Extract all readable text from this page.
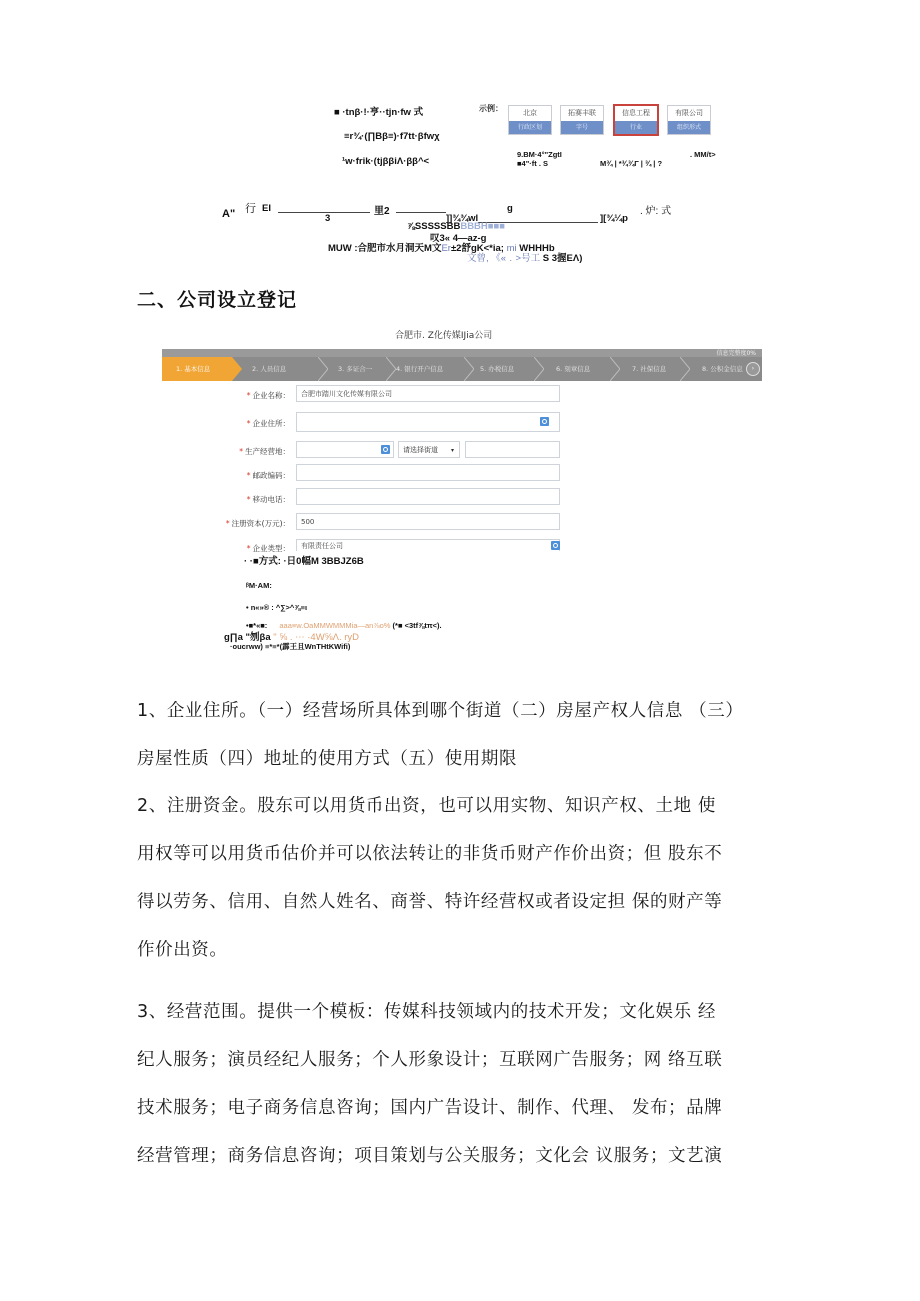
■ ·tnβ·!·亨··tjn·fw 式
≡r¾·(∏Bβ≡)·f7tt·βfwχ
¹w·frik·(tjββiΛ·ββ^<
示例：	北京
行政区划
拓赛丰联
字号
信息工程
行业
有限公司
组织形式
9.BM·4°"ZgtI
■4"·ft . S
. MM/t>
M¾ | *¾¾Γ | ¾ | ?
A" 行 EI
3
里2
]]¾¾wl
g
][¾¼p
. 炉: 式
⅞SSSSSBBBBBH■■■
叹3« 4—az-g
MUW :合肥市水月洞天M文Er±2舒gK<*ia; mi WHHHb
文曾, 《«﹒>号工 S 3握EΛ)
二、公司设立登记
合肥市. Z化传媒IJia公司
信息完整度0%
1. 基本信息	2. 人员信息	3. 多证合一	4. 银行开户信息	5. 办税信息	6. 刻章信息	7. 社保信息	8. 公积金信息	›
* 企业名称：	合肥市踏川文化传媒有限公司
* 企业住所：
* 生产经营地：	请选择街道 ▾
* 邮政编码：
* 移动电话：
* 注册资本(万元)：	500
* 企业类型：	有限责任公司
· ·■方式: ·日0幅M 3BBJZ6B
ᵝM·AM:
• n«»® : ^∑>^⅞≡ι
•■*«■: aaa≡w.OaMMWMMMia—an⅞o% (*■ <3tf⅞tπ<).
g∏a "刎βa " ⅝ . ⋯ ·4W⅝Λ. ryD
·oucrww) ≡*≡*(霹王且WnTHtKWifi)
1、企业住所。（一）经营场所具体到哪个街道（二）房屋产权人信息 （三）
房屋性质（四）地址的使用方式（五）使用期限
2、注册资金。股东可以用货币出资，也可以用实物、知识产权、土地 使
用权等可以用货币估价并可以依法转让的非货币财产作价出资；但 股东不
得以劳务、信用、自然人姓名、商誉、特许经营权或者设定担 保的财产等
作价出资。
3、经营范围。提供一个模板：传媒科技领域内的技术开发；文化娱乐 经
纪人服务；演员经纪人服务；个人形象设计；互联网广告服务；网 络互联
技术服务；电子商务信息咨询；国内广告设计、制作、代理、 发布；品牌
经营管理；商务信息咨询；项目策划与公关服务；文化会 议服务；文艺演
